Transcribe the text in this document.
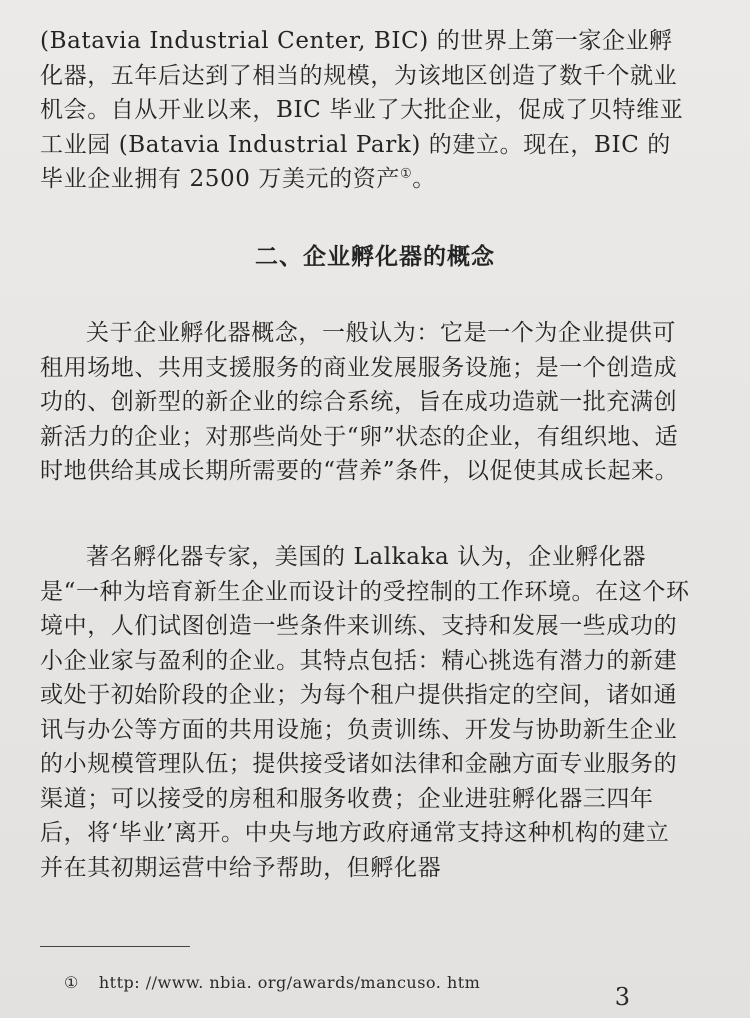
(Batavia Industrial Center, BIC) 的世界上第一家企业孵化器，五年后达到了相当的规模，为该地区创造了数千个就业机会。自从开业以来，BIC 毕业了大批企业，促成了贝特维亚工业园 (Batavia Industrial Park) 的建立。现在，BIC 的毕业企业拥有 2500 万美元的资产①。

二、企业孵化器的概念

关于企业孵化器概念，一般认为：它是一个为企业提供可租用场地、共用支援服务的商业发展服务设施；是一个创造成功的、创新型的新企业的综合系统，旨在成功造就一批充满创新活力的企业；对那些尚处于“卵”状态的企业，有组织地、适时地供给其成长期所需要的“营养”条件，以促使其成长起来。

著名孵化器专家，美国的 Lalkaka 认为，企业孵化器是“一种为培育新生企业而设计的受控制的工作环境。在这个环境中，人们试图创造一些条件来训练、支持和发展一些成功的小企业家与盈利的企业。其特点包括：精心挑选有潜力的新建或处于初始阶段的企业；为每个租户提供指定的空间，诸如通讯与办公等方面的共用设施；负责训练、开发与协助新生企业的小规模管理队伍；提供接受诸如法律和金融方面专业服务的渠道；可以接受的房租和服务收费；企业进驻孵化器三四年后，将‘毕业’离开。中央与地方政府通常支持这种机构的建立并在其初期运营中给予帮助，但孵化器

① http: //www. nbia. org/awards/mancuso. htm
3
